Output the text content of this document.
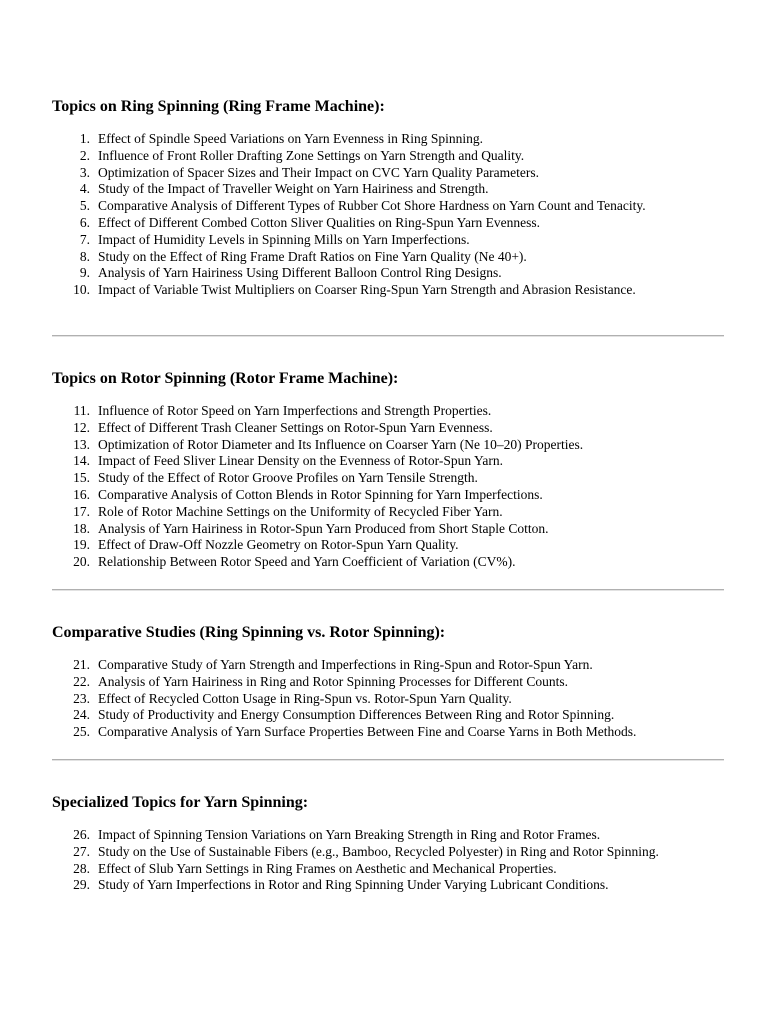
Topics on Ring Spinning (Ring Frame Machine):
1. Effect of Spindle Speed Variations on Yarn Evenness in Ring Spinning.
2. Influence of Front Roller Drafting Zone Settings on Yarn Strength and Quality.
3. Optimization of Spacer Sizes and Their Impact on CVC Yarn Quality Parameters.
4. Study of the Impact of Traveller Weight on Yarn Hairiness and Strength.
5. Comparative Analysis of Different Types of Rubber Cot Shore Hardness on Yarn Count and Tenacity.
6. Effect of Different Combed Cotton Sliver Qualities on Ring-Spun Yarn Evenness.
7. Impact of Humidity Levels in Spinning Mills on Yarn Imperfections.
8. Study on the Effect of Ring Frame Draft Ratios on Fine Yarn Quality (Ne 40+).
9. Analysis of Yarn Hairiness Using Different Balloon Control Ring Designs.
10. Impact of Variable Twist Multipliers on Coarser Ring-Spun Yarn Strength and Abrasion Resistance.
Topics on Rotor Spinning (Rotor Frame Machine):
11. Influence of Rotor Speed on Yarn Imperfections and Strength Properties.
12. Effect of Different Trash Cleaner Settings on Rotor-Spun Yarn Evenness.
13. Optimization of Rotor Diameter and Its Influence on Coarser Yarn (Ne 10–20) Properties.
14. Impact of Feed Sliver Linear Density on the Evenness of Rotor-Spun Yarn.
15. Study of the Effect of Rotor Groove Profiles on Yarn Tensile Strength.
16. Comparative Analysis of Cotton Blends in Rotor Spinning for Yarn Imperfections.
17. Role of Rotor Machine Settings on the Uniformity of Recycled Fiber Yarn.
18. Analysis of Yarn Hairiness in Rotor-Spun Yarn Produced from Short Staple Cotton.
19. Effect of Draw-Off Nozzle Geometry on Rotor-Spun Yarn Quality.
20. Relationship Between Rotor Speed and Yarn Coefficient of Variation (CV%).
Comparative Studies (Ring Spinning vs. Rotor Spinning):
21. Comparative Study of Yarn Strength and Imperfections in Ring-Spun and Rotor-Spun Yarn.
22. Analysis of Yarn Hairiness in Ring and Rotor Spinning Processes for Different Counts.
23. Effect of Recycled Cotton Usage in Ring-Spun vs. Rotor-Spun Yarn Quality.
24. Study of Productivity and Energy Consumption Differences Between Ring and Rotor Spinning.
25. Comparative Analysis of Yarn Surface Properties Between Fine and Coarse Yarns in Both Methods.
Specialized Topics for Yarn Spinning:
26. Impact of Spinning Tension Variations on Yarn Breaking Strength in Ring and Rotor Frames.
27. Study on the Use of Sustainable Fibers (e.g., Bamboo, Recycled Polyester) in Ring and Rotor Spinning.
28. Effect of Slub Yarn Settings in Ring Frames on Aesthetic and Mechanical Properties.
29. Study of Yarn Imperfections in Rotor and Ring Spinning Under Varying Lubricant Conditions.
